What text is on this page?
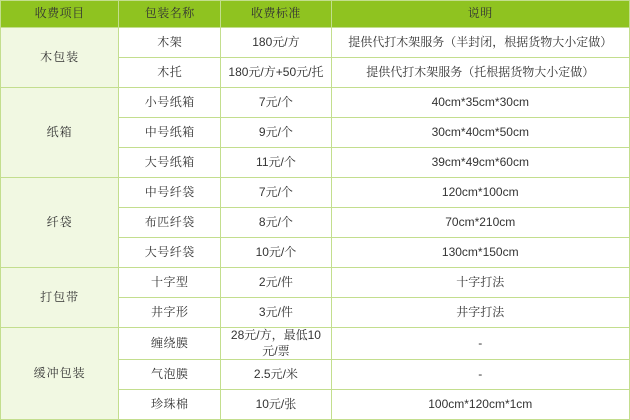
收费项目	包装名称	收费标准	说明
木包装	木架	180元/方	提供代打木架服务（半封闭，根据货物大小定做）
	木托	180元/方+50元/托	提供代打木架服务（托根据货物大小定做）
纸箱	小号纸箱	7元/个	40cm*35cm*30cm
	中号纸箱	9元/个	30cm*40cm*50cm
	大号纸箱	11元/个	39cm*49cm*60cm
纤袋	中号纤袋	7元/个	120cm*100cm
	布匹纤袋	8元/个	70cm*210cm
	大号纤袋	10元/个	130cm*150cm
打包带	十字型	2元/件	十字打法
	井字形	3元/件	井字打法
缓冲包装	缠绕膜	28元/方，最低10元/票	-
	气泡膜	2.5元/米	-
	珍珠棉	10元/张	100cm*120cm*1cm
